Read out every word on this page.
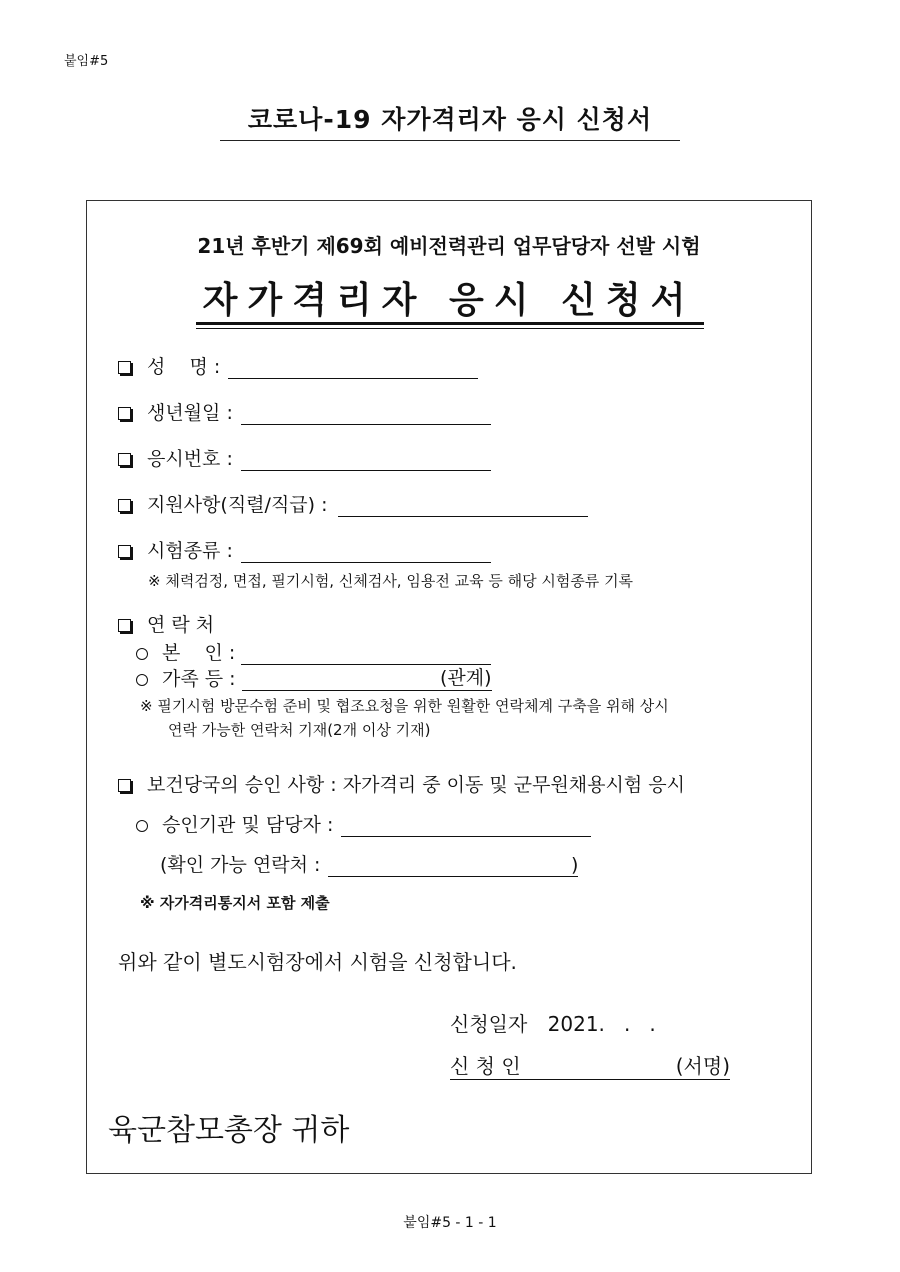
붙임#5
코로나-19 자가격리자 응시 신청서
21년 후반기 제69회 예비전력관리 업무담당자 선발 시험
자가격리자 응시 신청서
성    명 :
생년월일 :
응시번호 :
지원사항(직렬/직급) :
시험종류 :
※ 체력검정, 면접, 필기시험, 신체검사, 임용전 교육 등 해당 시험종류 기록
연 락 처
본    인 :
가족 등 :	(관계)
※ 필기시험 방문수험 준비 및 협조요청을 위한 원활한 연락체계 구축을 위해 상시
연락 가능한 연락처 기재(2개 이상 기재)
보건당국의 승인 사항 : 자가격리 중 이동 및 군무원채용시험 응시
승인기관 및 담당자 :
(확인 가능 연락처 :	)
※ 자가격리통지서 포함 제출
위와 같이 별도시험장에서 시험을 신청합니다.
신청일자 2021.   .   .
신 청 인	(서명)
육군참모총장 귀하
붙임#5 - 1 - 1
